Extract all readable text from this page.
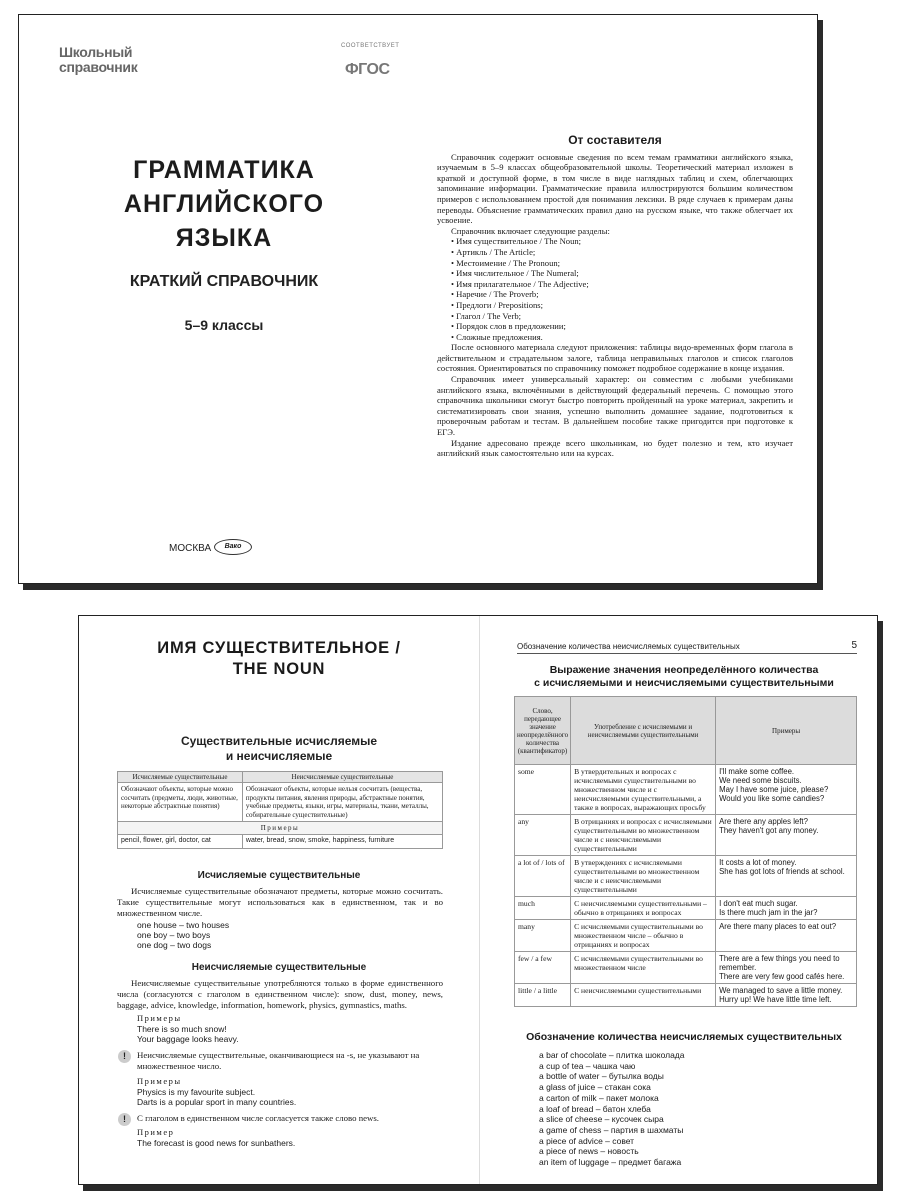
Школьный
справочник
СООТВЕТСТВУЕТ
ФГОС
ГРАММАТИКА
АНГЛИЙСКОГО
ЯЗЫКА
КРАТКИЙ СПРАВОЧНИК
5–9 классы
МОСКВА	Вако
От составителя

Справочник содержит основные сведения по всем темам грамматики английского языка, изучаемым в 5–9 классах общеобразовательной школы. Теоретический материал изложен в краткой и доступной форме, в том числе в виде наглядных таблиц и схем, облегчающих запоминание информации. Грамматические правила иллюстрируются большим количеством примеров с использованием простой для понимания лексики. В ряде случаев к примерам даны переводы. Объяснение грамматических правил дано на русском языке, что также облегчает их усвоение.

Справочник включает следующие разделы:

• Имя существительное / The Noun;
• Артикль / The Article;
• Местоимение / The Pronoun;
• Имя числительное / The Numeral;
• Имя прилагательное / The Adjective;
• Наречие / The Proverb;
• Предлоги / Prepositions;
• Глагол / The Verb;
• Порядок слов в предложении;
• Сложные предложения.

После основного материала следуют приложения: таблицы видо-временных форм глагола в действительном и страдательном залоге, таблица неправильных глаголов и список глаголов состояния. Ориентироваться по справочнику поможет подробное содержание в конце издания.

Справочник имеет универсальный характер: он совместим с любыми учебниками английского языка, включёнными в действующий федеральный перечень. С помощью этого справочника школьники смогут быстро повторить пройденный на уроке материал, закрепить и систематизировать свои знания, успешно выполнить домашнее задание, подготовиться к проверочным работам и тестам. В дальнейшем пособие также пригодится при подготовке к ЕГЭ.

Издание адресовано прежде всего школьникам, но будет полезно и тем, кто изучает английский язык самостоятельно или на курсах.

ИМЯ СУЩЕСТВИТЕЛЬНОЕ /
THE NOUN
Существительные исчисляемые
и неисчисляемые
Исчисляемые существительные	Неисчисляемые существительные
Обозначают объекты, которые можно сосчитать (предметы, люди, животные, некоторые абстрактные понятия)	Обозначают объекты, которые нельзя сосчитать (вещества, продукты питания, явления природы, абстрактные понятия, учебные предметы, языки, игры, материалы, ткани, металлы, собирательные существительные)
Примеры	
pencil, flower, girl, doctor, cat	water, bread, snow, smoke, happiness, furniture
Исчисляемые существительные

Исчисляемые существительные обозначают предметы, которые можно сосчитать. Такие существительные могут использоваться как в единственном, так и во множественном числе.

one house – two houses
one boy – two boys
one dog – two dogs
Неисчисляемые существительные

Неисчисляемые существительные употребляются только в форме единственного числа (согласуются с глаголом в единственном числе): snow, dust, money, news, baggage, advice, knowledge, information, homework, physics, gymnastics, maths.

Примеры
There is so much snow!
Your baggage looks heavy.
!	Неисчисляемые существительные, оканчивающиеся на -s, не указывают на множественное число.
Примеры
Physics is my favourite subject.
Darts is a popular sport in many countries.
!	С глаголом в единственном числе согласуется также слово news.
Пример
The forecast is good news for sunbathers.
Обозначение количества неисчисляемых существительных	5
Выражение значения неопределённого количества
с исчисляемыми и неисчисляемыми существительными
Слово, передающее значение неопределённого количества (квантификатор)	Употребление с исчисляемыми и неисчисляемыми существительными	Примеры
some	В утвердительных и вопросах с исчисляемыми существительными во множественном числе и с неисчисляемыми существительными, а также в вопросах, выражающих просьбу	I'll make some coffee.
We need some biscuits.
May I have some juice, please?
Would you like some candies?

any	В отрицаниях и вопросах с исчисляемыми существительными во множественном числе и с неисчисляемыми существительными	Are there any apples left?
They haven't got any money.

a lot of / lots of	В утверждениях с исчисляемыми существительными во множественном числе и с неисчисляемыми существительными	It costs a lot of money.
She has got lots of friends at school.

much	С неисчисляемыми существительными – обычно в отрицаниях и вопросах	I don't eat much sugar.
Is there much jam in the jar?

many	С исчисляемыми существительными во множественном числе – обычно в отрицаниях и вопросах	Are there many places to eat out?

few / a few	С исчисляемыми существительными во множественном числе	There are a few things you need to remember.
There are very few good cafés here.

little / a little	С неисчисляемыми существительными	We managed to save a little money.
Hurry up! We have little time left.
Обозначение количества неисчисляемых существительных
a bar of chocolate – плитка шоколада
a cup of tea – чашка чаю
a bottle of water – бутылка воды
a glass of juice – стакан сока
a carton of milk – пакет молока
a loaf of bread – батон хлеба
a slice of cheese – кусочек сыра
a game of chess – партия в шахматы
a piece of advice – совет
a piece of news – новость
an item of luggage – предмет багажа
